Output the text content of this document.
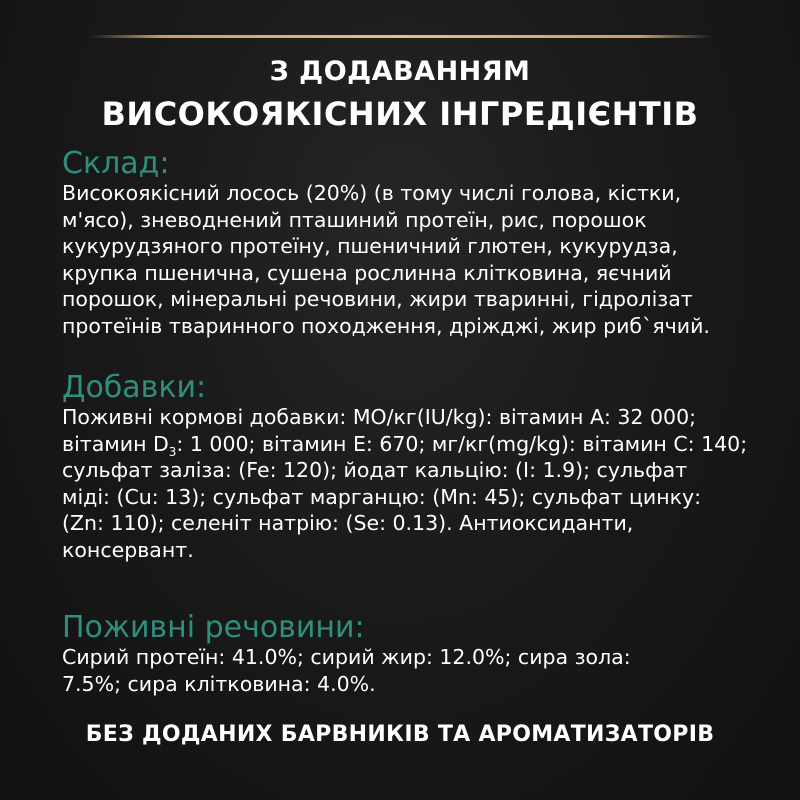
З ДОДАВАННЯМ
ВИСОКОЯКІСНИХ ІНГРЕДІЄНТІВ
Склад:
Високоякісний лосось (20%) (в тому числі голова, кістки,
м'ясо), зневоднений пташиний протеїн, рис, порошок
кукурудзяного протеїну, пшеничний глютен, кукурудза,
крупка пшенична, сушена рослинна клітковина, яєчний
порошок, мінеральні речовини, жири тваринні, гідролізат
протеїнів тваринного походження, дріжджі, жир риб`ячий.
Добавки:
Поживні кормові добавки: МО/кг(IU/kg): вітамин А: 32 000;
вітамин $D_3$: 1 000; вітамин Е: 670; мг/кг(mg/kg): вітамин С: 140;
сульфат заліза: (Fe: 120); йодат кальцію: (I: 1.9); сульфат
міді: (Cu: 13); сульфат марганцю: (Mn: 45); сульфат цинку:
(Zn: 110); селеніт натрію: (Se: 0.13). Антиоксиданти,
консервант.
Поживні речовини:
Сирий протеїн: 41.0%; сирий жир: 12.0%; сира зола:
7.5%; сира клітковина: 4.0%.
БЕЗ ДОДАНИХ БАРВНИКІВ ТА АРОМАТИЗАТОРІВ
